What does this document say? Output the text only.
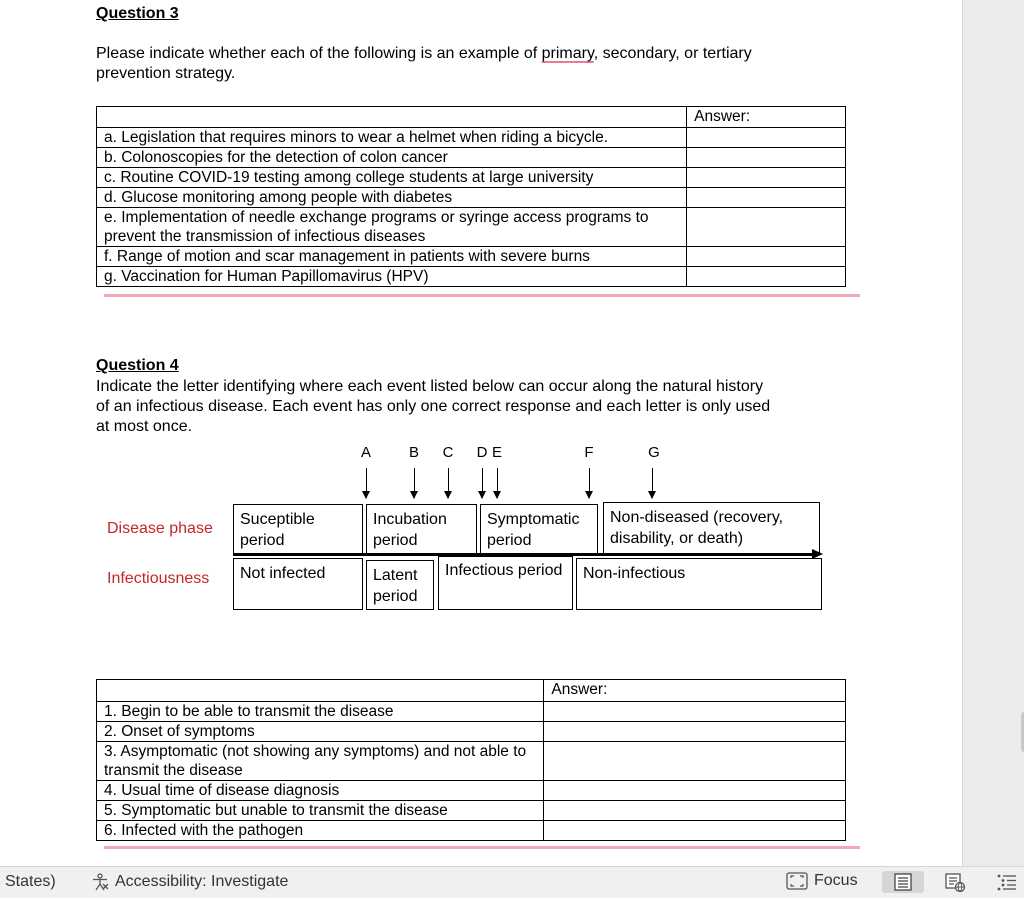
Question 3
Please indicate whether each of the following is an example of primary, secondary, or tertiary
prevention strategy.
	Answer:
a. Legislation that requires minors to wear a helmet when riding a bicycle.	
b. Colonoscopies for the detection of colon cancer	
c. Routine COVID-19 testing among college students at large university	
d. Glucose monitoring among people with diabetes	
e. Implementation of needle exchange programs or syringe access programs to prevent the transmission of infectious diseases	
f. Range of motion and scar management in patients with severe burns	
g. Vaccination for Human Papillomavirus (HPV)	
Question 4
Indicate the letter identifying where each event listed below can occur along the natural history
of an infectious disease. Each event has only one correct response and each letter is only used
at most once.
A	B C D E	F	G
Disease phase
Infectiousness
Suceptible period
Incubation period
Symptomatic period
Non-diseased (recovery, disability, or death)
Not infected	Latent period
Infectious period	Non-infectious
	Answer:
1. Begin to be able to transmit the disease	
2. Onset of symptoms	
3. Asymptomatic (not showing any symptoms) and not able to transmit the disease	
4. Usual time of disease diagnosis	
5. Symptomatic but unable to transmit the disease	
6. Infected with the pathogen	
States)	Accessibility: Investigate	Focus
